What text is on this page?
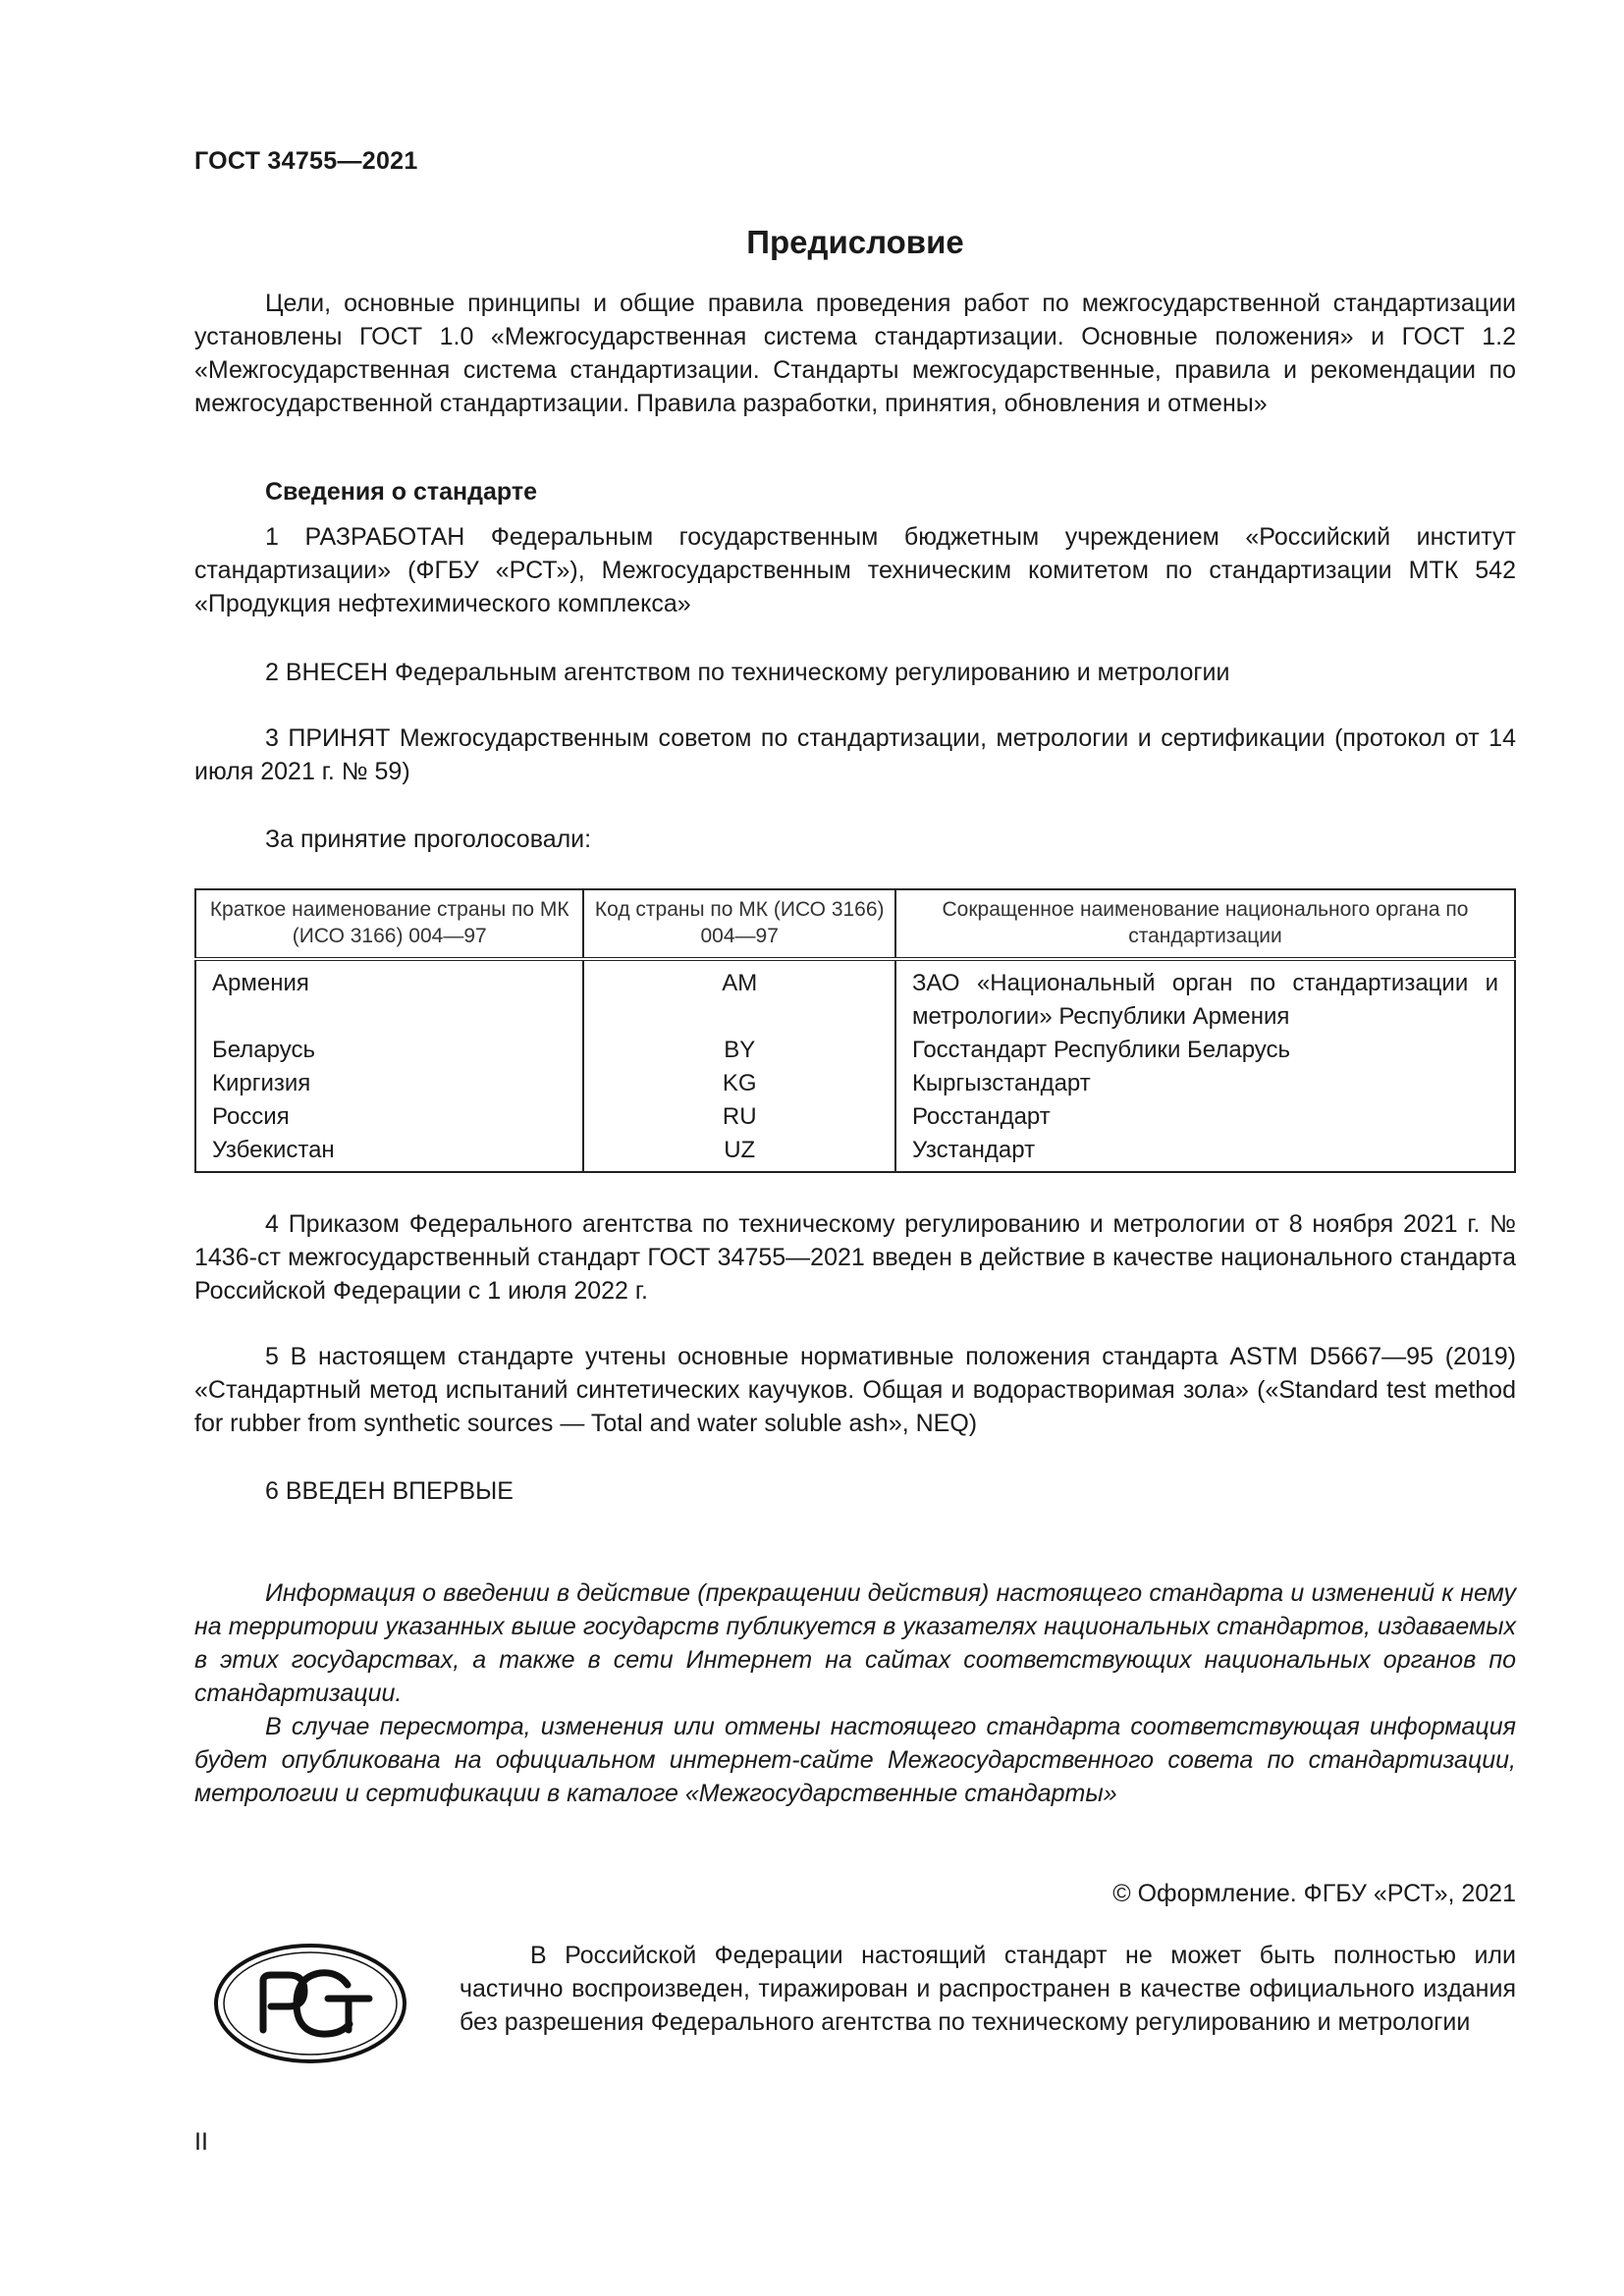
ГОСТ 34755—2021
Предисловие

Цели, основные принципы и общие правила проведения работ по межгосударственной стандартизации установлены ГОСТ 1.0 «Межгосударственная система стандартизации. Основные положения» и ГОСТ 1.2 «Межгосударственная система стандартизации. Стандарты межгосударственные, правила и рекомендации по межгосударственной стандартизации. Правила разработки, принятия, обновления и отмены»

Сведения о стандарте

1 РАЗРАБОТАН Федеральным государственным бюджетным учреждением «Российский институт стандартизации» (ФГБУ «РСТ»), Межгосударственным техническим комитетом по стандартизации МТК 542 «Продукция нефтехимического комплекса»

2 ВНЕСЕН Федеральным агентством по техническому регулированию и метрологии

3 ПРИНЯТ Межгосударственным советом по стандартизации, метрологии и сертификации (протокол от 14 июля 2021 г. № 59)

За принятие проголосовали:

Краткое наименование страны по МК (ИСО 3166) 004—97	Код страны по МК (ИСО 3166) 004—97	Сокращенное наименование национального органа по стандартизации
Армения	AM	ЗАО «Национальный орган по стандартизации и метрологии» Республики Армения
Беларусь	BY	Госстандарт Республики Беларусь
Киргизия	KG	Кыргызстандарт
Россия	RU	Росстандарт
Узбекистан	UZ	Узстандарт

4 Приказом Федерального агентства по техническому регулированию и метрологии от 8 ноября 2021 г. № 1436-ст межгосударственный стандарт ГОСТ 34755—2021 введен в действие в качестве национального стандарта Российской Федерации с 1 июля 2022 г.

5 В настоящем стандарте учтены основные нормативные положения стандарта ASTM D5667—95 (2019) «Стандартный метод испытаний синтетических каучуков. Общая и водорастворимая зола» («Standard test method for rubber from synthetic sources — Total and water soluble ash», NEQ)

6 ВВЕДЕН ВПЕРВЫЕ

Информация о введении в действие (прекращении действия) настоящего стандарта и изменений к нему на территории указанных выше государств публикуется в указателях национальных стандартов, издаваемых в этих государствах, а также в сети Интернет на сайтах соответствующих национальных органов по стандартизации.

В случае пересмотра, изменения или отмены настоящего стандарта соответствующая информация будет опубликована на официальном интернет-сайте Межгосударственного совета по стандартизации, метрологии и сертификации в каталоге «Межгосударственные стандарты»

© Оформление. ФГБУ «РСТ», 2021

В Российской Федерации настоящий стандарт не может быть полностью или частично воспроизведен, тиражирован и распространен в качестве официального издания без разрешения Федерального агентства по техническому регулированию и метрологии

II
